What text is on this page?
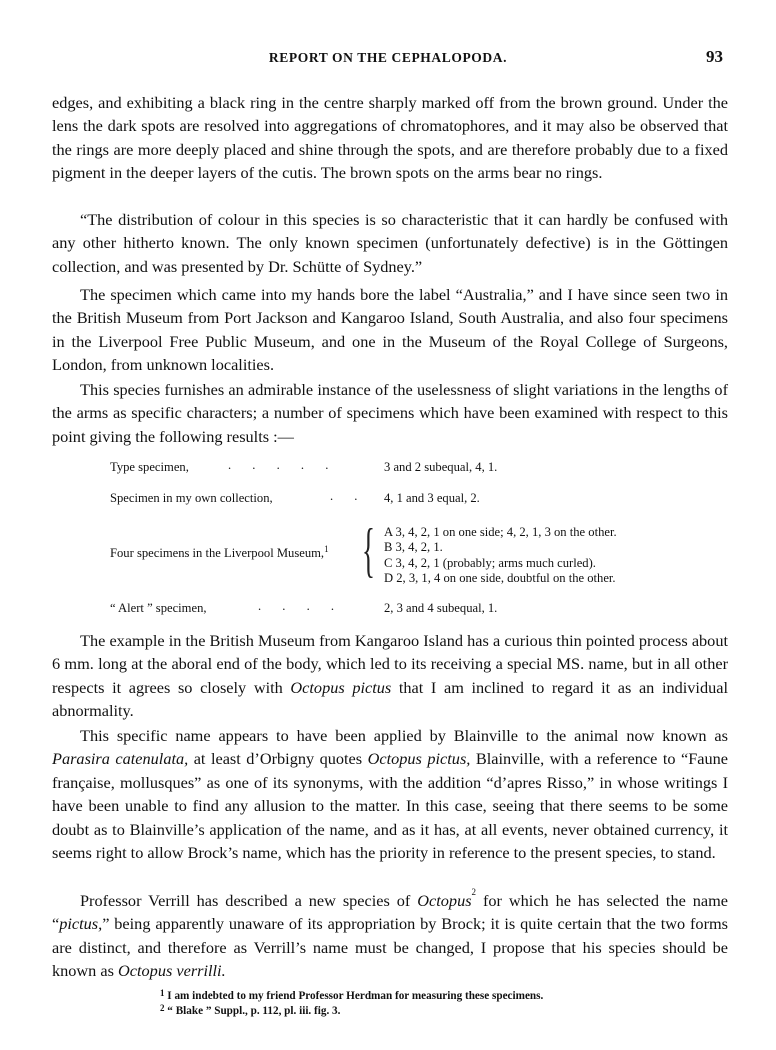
REPORT ON THE CEPHALOPODA.	93

edges, and exhibiting a black ring in the centre sharply marked off from the brown ground. Under the lens the dark spots are resolved into aggregations of chromatophores, and it may also be observed that the rings are more deeply placed and shine through the spots, and are therefore probably due to a fixed pigment in the deeper layers of the cutis. The brown spots on the arms bear no rings.

“The distribution of colour in this species is so characteristic that it can hardly be confused with any other hitherto known. The only known specimen (unfortunately defective) is in the Göttingen collection, and was presented by Dr. Schütte of Sydney.”

The specimen which came into my hands bore the label “Australia,” and I have since seen two in the British Museum from Port Jackson and Kangaroo Island, South Australia, and also four specimens in the Liverpool Free Public Museum, and one in the Museum of the Royal College of Surgeons, London, from unknown localities.

This species furnishes an admirable instance of the uselessness of slight variations in the lengths of the arms as specific characters; a number of specimens which have been examined with respect to this point giving the following results :—

Type specimen,	. . . . .	3 and 2 subequal, 4, 1.
Specimen in my own collection,	. . 4, 1 and 3 equal, 2.
Four specimens in the Liverpool Museum,$^1$ { A 3, 4, 2, 1 on one side; 4, 2, 1, 3 on the other.
B 3, 4, 2, 1.
C 3, 4, 2, 1 (probably; arms much curled).
D 2, 3, 1, 4 on one side, doubtful on the other.
“ Alert ” specimen,	. . . .	2, 3 and 4 subequal, 1.

The example in the British Museum from Kangaroo Island has a curious thin pointed process about 6 mm. long at the aboral end of the body, which led to its receiving a special MS. name, but in all other respects it agrees so closely with Octopus pictus that I am inclined to regard it as an individual abnormality.

This specific name appears to have been applied by Blainville to the animal now known as Parasira catenulata, at least d’Orbigny quotes Octopus pictus, Blainville, with a reference to “Faune française, mollusques” as one of its synonyms, with the addition “d’apres Risso,” in whose writings I have been unable to find any allusion to the matter. In this case, seeing that there seems to be some doubt as to Blainville’s application of the name, and as it has, at all events, never obtained currency, it seems right to allow Brock’s name, which has the priority in reference to the present species, to stand.

Professor Verrill has described a new species of Octopus$^2$ for which he has selected the name “pictus,” being apparently unaware of its appropriation by Brock; it is quite certain that the two forms are distinct, and therefore as Verrill’s name must be changed, I propose that his species should be known as Octopus verrilli.

$^1$ I am indebted to my friend Professor Herdman for measuring these specimens.
$^2$ “ Blake ” Suppl., p. 112, pl. iii. fig. 3.
